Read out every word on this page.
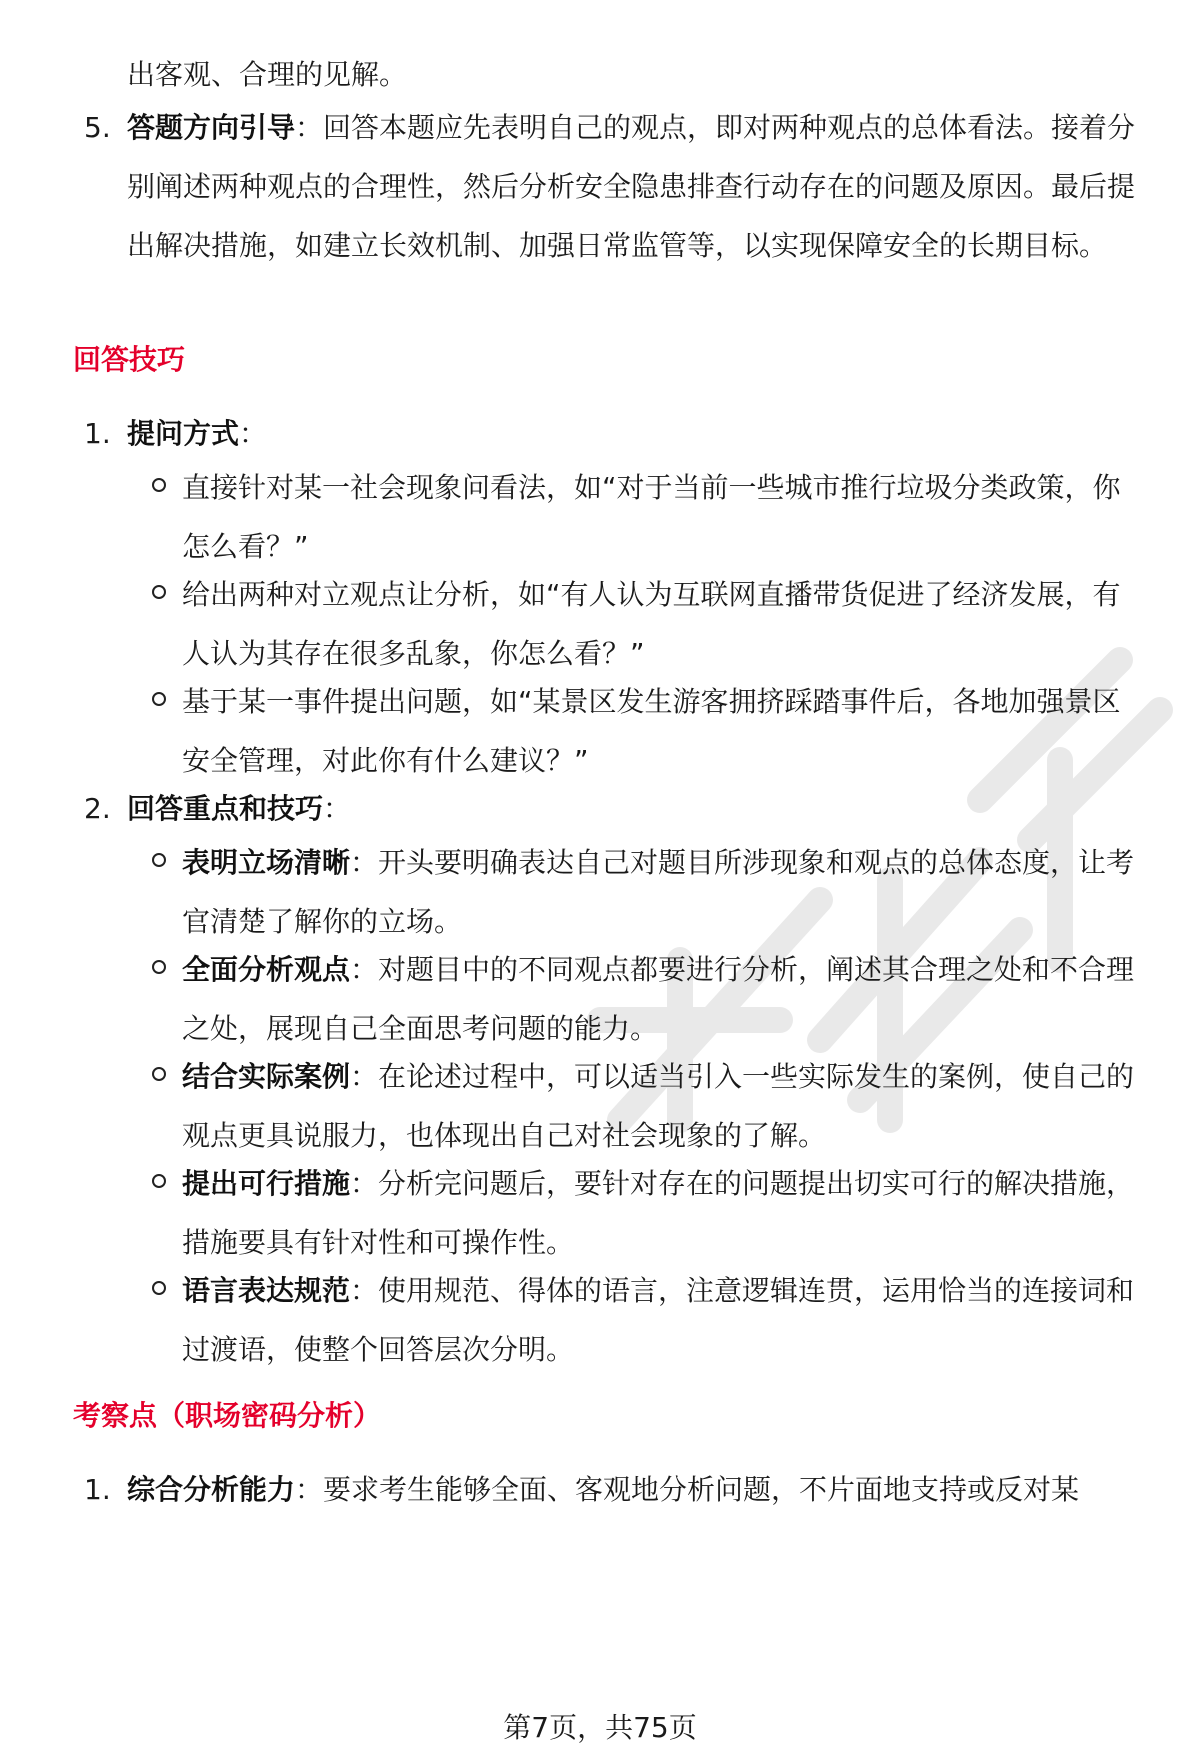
出客观、合理的见解。

5. 答题方向引导：回答本题应先表明自己的观点，即对两种观点的总体看法。接着分别阐述两种观点的合理性，然后分析安全隐患排查行动存在的问题及原因。最后提出解决措施，如建立长效机制、加强日常监管等，以实现保障安全的长期目标。

回答技巧
1. 提问方式：

直接针对某一社会现象问看法，如“对于当前一些城市推行垃圾分类政策，你怎么看？”

给出两种对立观点让分析，如“有人认为互联网直播带货促进了经济发展，有人认为其存在很多乱象，你怎么看？”

基于某一事件提出问题，如“某景区发生游客拥挤踩踏事件后，各地加强景区安全管理，对此你有什么建议？”

2. 回答重点和技巧：

表明立场清晰：开头要明确表达自己对题目所涉现象和观点的总体态度，让考官清楚了解你的立场。

全面分析观点：对题目中的不同观点都要进行分析，阐述其合理之处和不合理之处，展现自己全面思考问题的能力。

结合实际案例：在论述过程中，可以适当引入一些实际发生的案例，使自己的观点更具说服力，也体现出自己对社会现象的了解。

提出可行措施：分析完问题后，要针对存在的问题提出切实可行的解决措施，措施要具有针对性和可操作性。

语言表达规范：使用规范、得体的语言，注意逻辑连贯，运用恰当的连接词和过渡语，使整个回答层次分明。

考察点（职场密码分析）
1. 综合分析能力：要求考生能够全面、客观地分析问题，不片面地支持或反对某

第7页，共75页
